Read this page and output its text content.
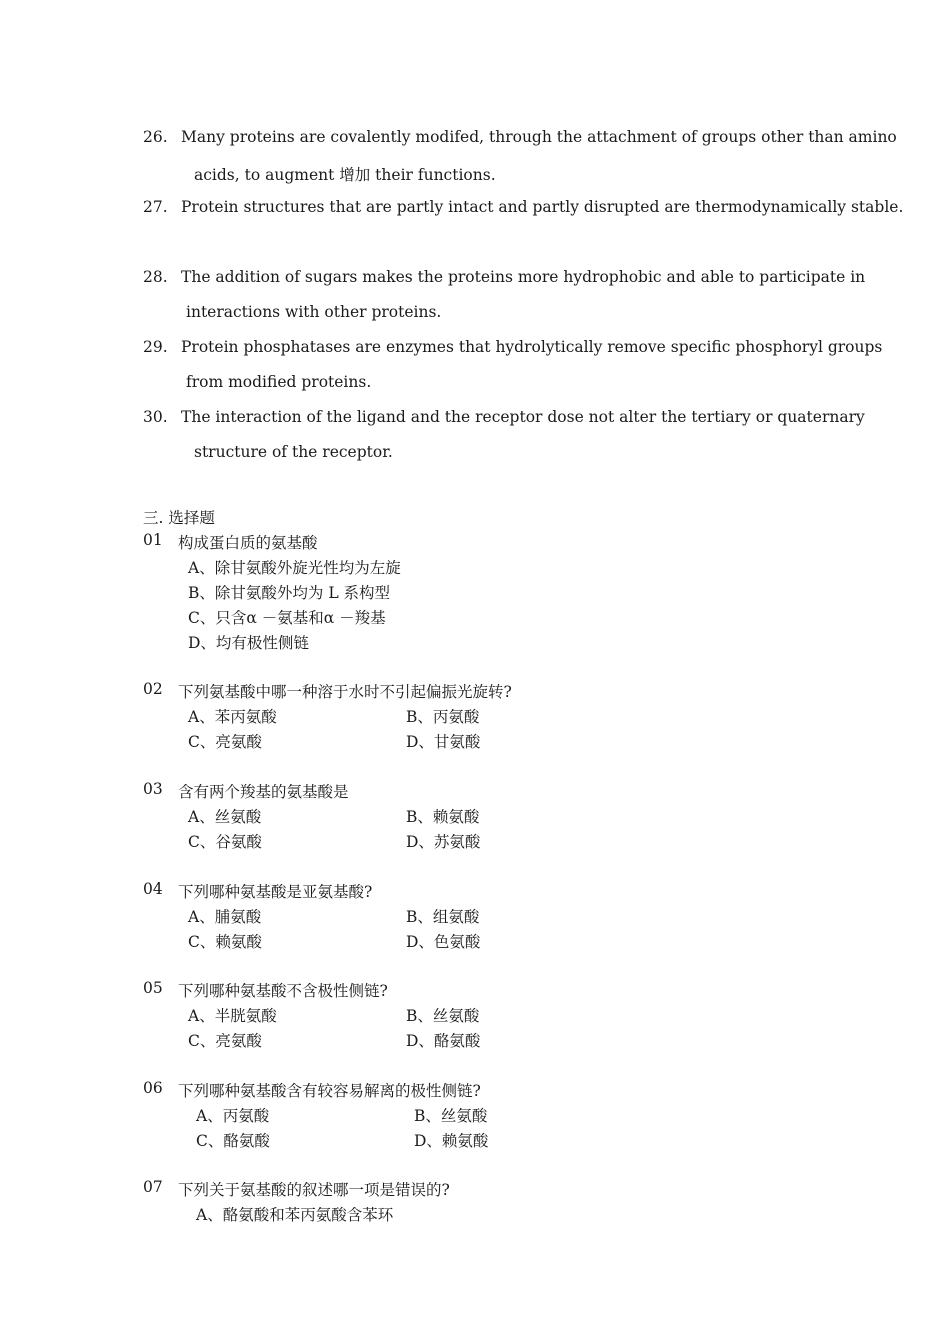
26. Many proteins are covalently modifed, through the attachment of groups other than amino
acids, to augment 增加 their functions.
27. Protein structures that are partly intact and partly disrupted are thermodynamically stable.
28. The addition of sugars makes the proteins more hydrophobic and able to participate in
interactions with other proteins.
29. Protein phosphatases are enzymes that hydrolytically remove specific phosphoryl groups
from modified proteins.
30. The interaction of the ligand and the receptor dose not alter the tertiary or quaternary
structure of the receptor.
三. 选择题
01 构成蛋白质的氨基酸
A、除甘氨酸外旋光性均为左旋
B、除甘氨酸外均为 L 系构型
C、只含α －氨基和α －羧基
D、均有极性侧链
02 下列氨基酸中哪一种溶于水时不引起偏振光旋转?
A、苯丙氨酸	B、丙氨酸
C、亮氨酸	D、甘氨酸
03 含有两个羧基的氨基酸是
A、丝氨酸	B、赖氨酸
C、谷氨酸	D、苏氨酸
04 下列哪种氨基酸是亚氨基酸?
A、脯氨酸	B、组氨酸
C、赖氨酸	D、色氨酸
05 下列哪种氨基酸不含极性侧链?
A、半胱氨酸	B、丝氨酸
C、亮氨酸	D、酪氨酸
06 下列哪种氨基酸含有较容易解离的极性侧链?
A、丙氨酸	B、丝氨酸
C、酪氨酸	D、赖氨酸
07 下列关于氨基酸的叙述哪一项是错误的?
A、酪氨酸和苯丙氨酸含苯环
